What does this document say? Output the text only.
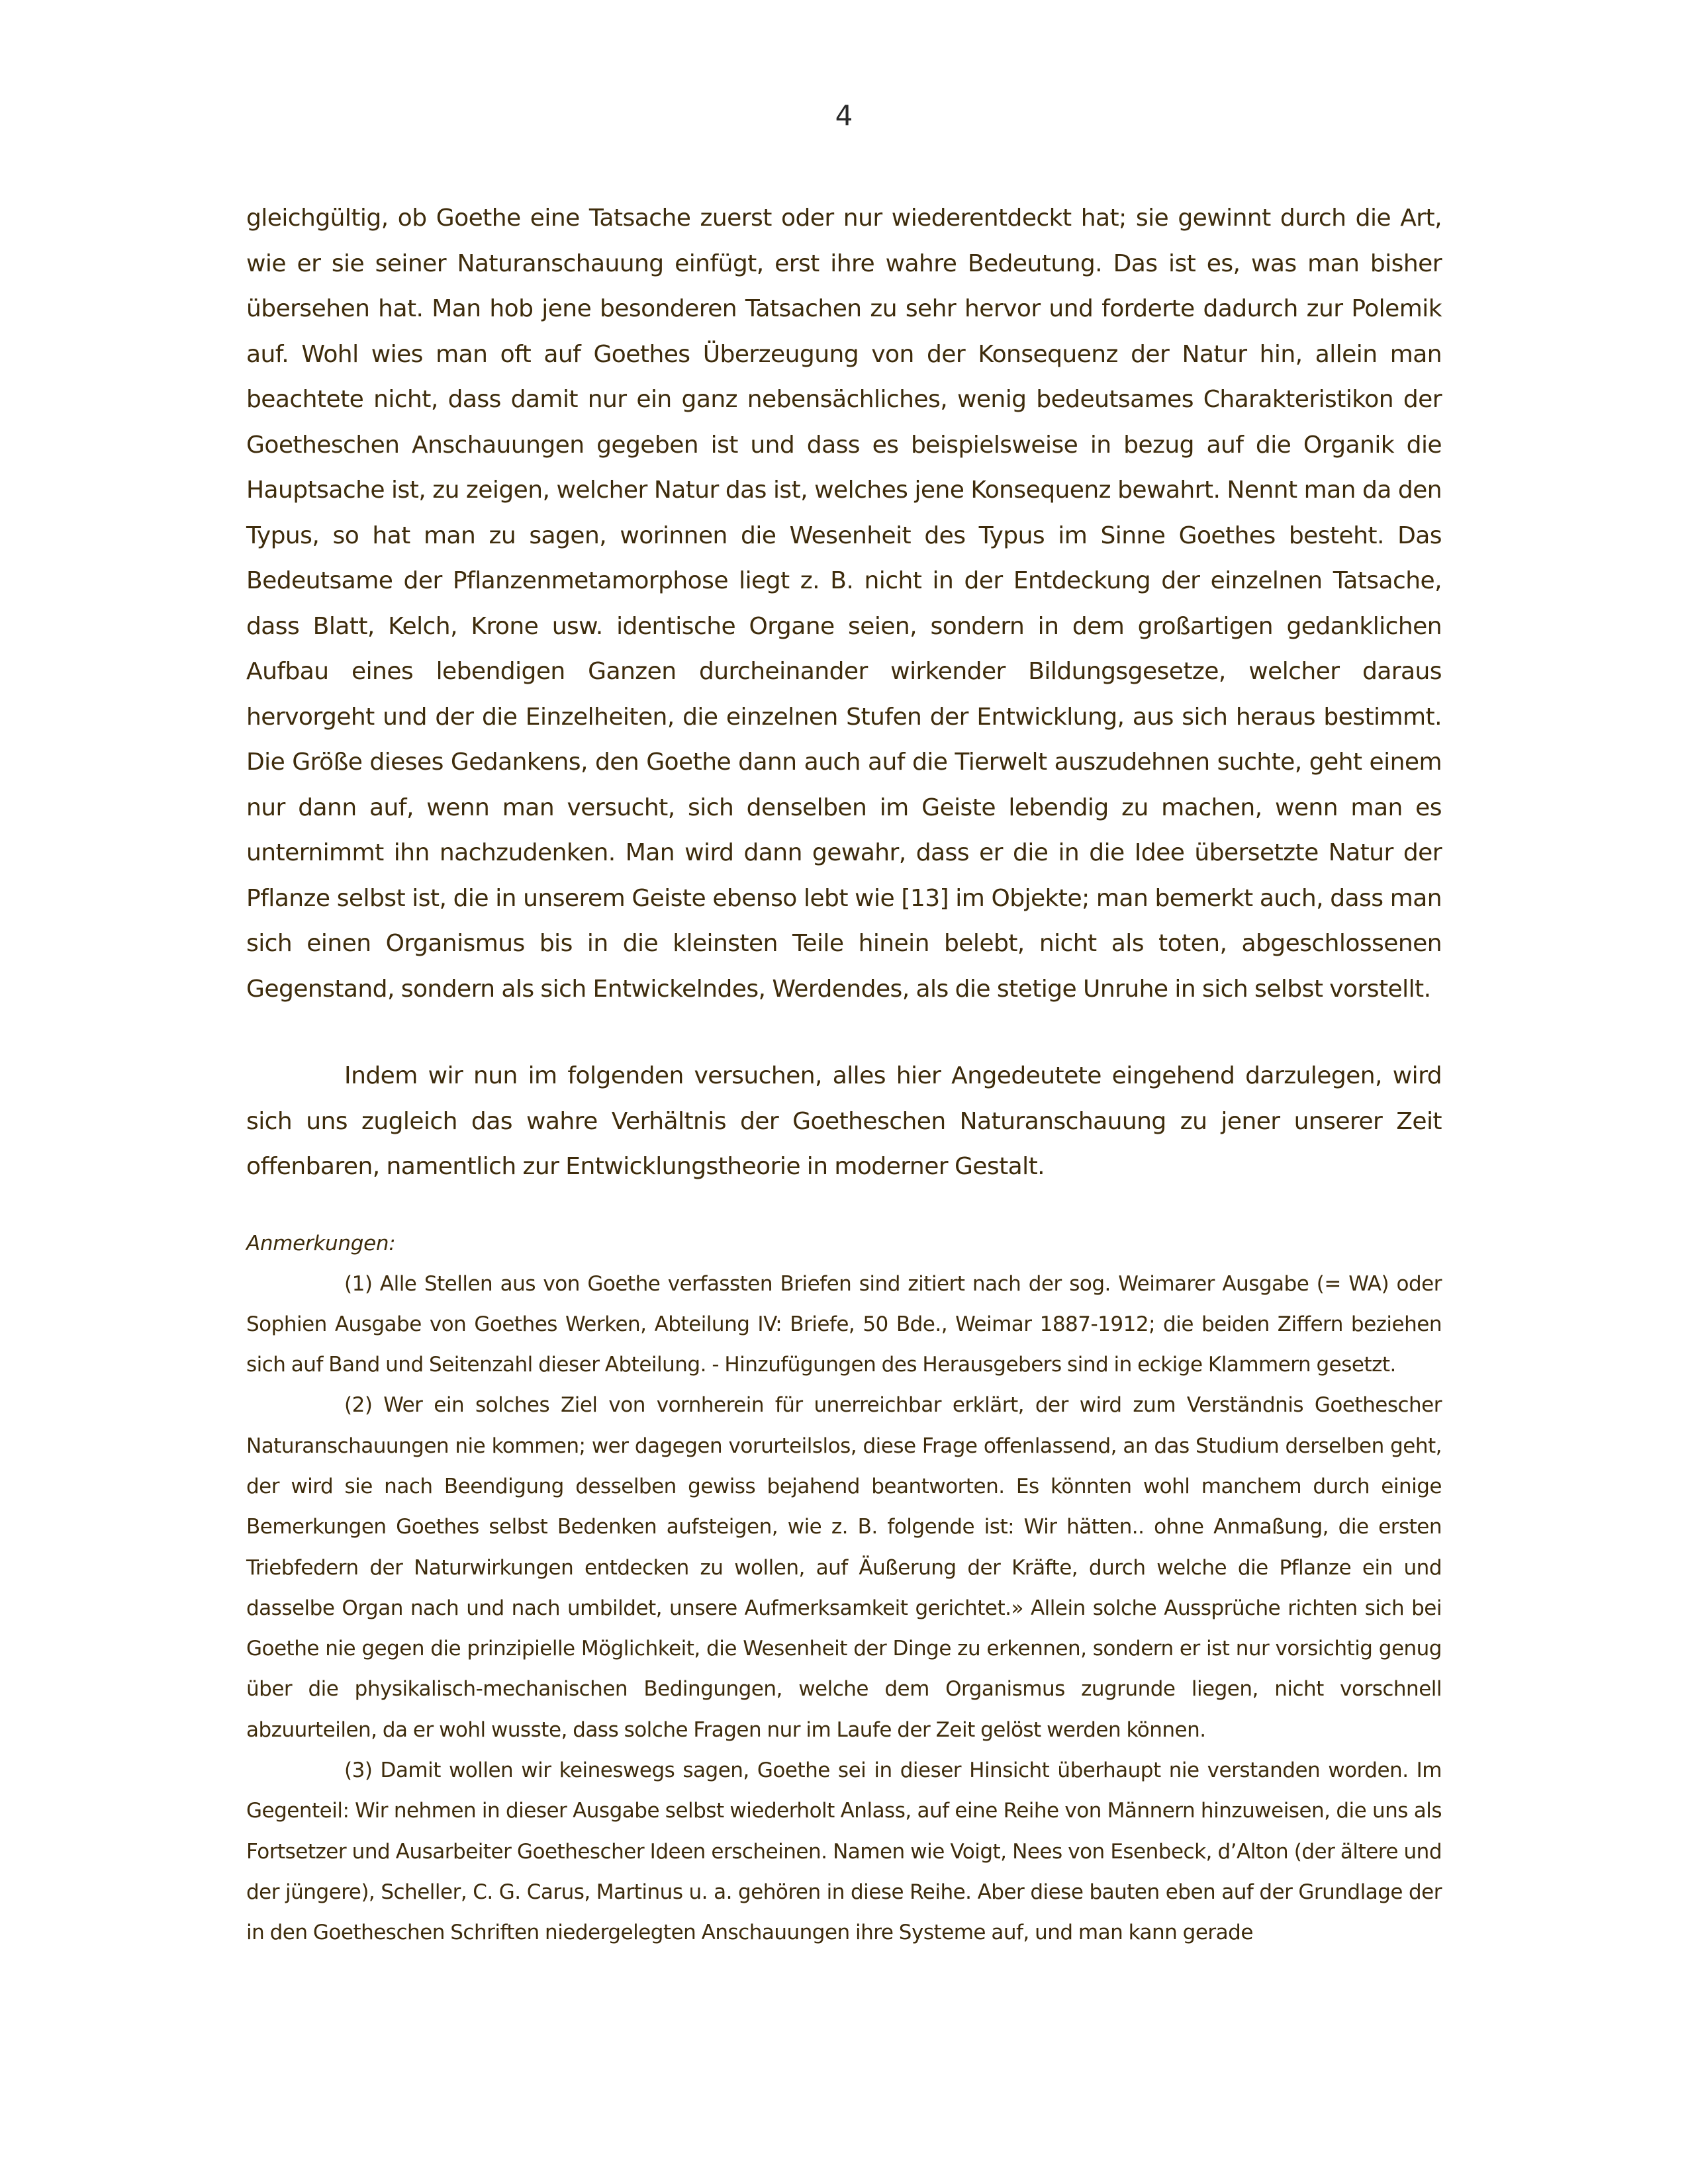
4

gleichgültig, ob Goethe eine Tatsache zuerst oder nur wiederentdeckt hat; sie gewinnt durch die Art, wie er sie seiner Naturanschauung einfügt, erst ihre wahre Bedeutung. Das ist es, was man bisher übersehen hat. Man hob jene besonderen Tatsachen zu sehr hervor und forderte dadurch zur Polemik auf. Wohl wies man oft auf Goethes Überzeugung von der Konsequenz der Natur hin, allein man beachtete nicht, dass damit nur ein ganz nebensächliches, wenig bedeutsames Charakteristikon der Goetheschen Anschauungen gegeben ist und dass es beispielsweise in bezug auf die Organik die Hauptsache ist, zu zeigen, welcher Natur das ist, welches jene Konsequenz bewahrt. Nennt man da den Typus, so hat man zu sagen, worinnen die Wesenheit des Typus im Sinne Goethes besteht. Das Bedeutsame der Pflanzenmetamorphose liegt z. B. nicht in der Entdeckung der einzelnen Tatsache, dass Blatt, Kelch, Krone usw. identische Organe seien, sondern in dem großartigen gedanklichen Aufbau eines lebendigen Ganzen durcheinander wirkender Bildungsgesetze, welcher daraus hervorgeht und der die Einzelheiten, die einzelnen Stufen der Entwicklung, aus sich heraus bestimmt. Die Größe dieses Gedankens, den Goethe dann auch auf die Tierwelt auszudehnen suchte, geht einem nur dann auf, wenn man versucht, sich denselben im Geiste lebendig zu machen, wenn man es unternimmt ihn nachzudenken. Man wird dann gewahr, dass er die in die Idee übersetzte Natur der Pflanze selbst ist, die in unserem Geiste ebenso lebt wie [13] im Objekte; man bemerkt auch, dass man sich einen Organismus bis in die kleinsten Teile hinein belebt, nicht als toten, abgeschlossenen Gegenstand, sondern als sich Entwickelndes, Werdendes, als die stetige Unruhe in sich selbst vorstellt.

Indem wir nun im folgenden versuchen, alles hier Angedeutete eingehend darzulegen, wird sich uns zugleich das wahre Verhältnis der Goetheschen Naturanschauung zu jener unserer Zeit offenbaren, namentlich zur Entwicklungstheorie in moderner Gestalt.

Anmerkungen:

(1) Alle Stellen aus von Goethe verfassten Briefen sind zitiert nach der sog. Weimarer Ausgabe (= WA) oder Sophien Ausgabe von Goethes Werken, Abteilung IV: Briefe, 50 Bde., Weimar 1887-1912; die beiden Ziffern beziehen sich auf Band und Seitenzahl dieser Abteilung. - Hinzufügungen des Herausgebers sind in eckige Klammern gesetzt.

(2) Wer ein solches Ziel von vornherein für unerreichbar erklärt, der wird zum Verständnis Goethescher Naturanschauungen nie kommen; wer dagegen vorurteilslos, diese Frage offenlassend, an das Studium derselben geht, der wird sie nach Beendigung desselben gewiss bejahend beantworten. Es könnten wohl manchem durch einige Bemerkungen Goethes selbst Bedenken aufsteigen, wie z. B. folgende ist: Wir hätten.. ohne Anmaßung, die ersten Triebfedern der Naturwirkungen entdecken zu wollen, auf Äußerung der Kräfte, durch welche die Pflanze ein und dasselbe Organ nach und nach umbildet, unsere Aufmerksamkeit gerichtet.» Allein solche Aussprüche richten sich bei Goethe nie gegen die prinzipielle Möglichkeit, die Wesenheit der Dinge zu erkennen, sondern er ist nur vorsichtig genug über die physikalisch-mechanischen Bedingungen, welche dem Organismus zugrunde liegen, nicht vorschnell abzuurteilen, da er wohl wusste, dass solche Fragen nur im Laufe der Zeit gelöst werden können.

(3) Damit wollen wir keineswegs sagen, Goethe sei in dieser Hinsicht überhaupt nie verstanden worden. Im Gegenteil: Wir nehmen in dieser Ausgabe selbst wiederholt Anlass, auf eine Reihe von Männern hinzuweisen, die uns als Fortsetzer und Ausarbeiter Goethescher Ideen erscheinen. Namen wie Voigt, Nees von Esenbeck, d’Alton (der ältere und der jüngere), Scheller, C. G. Carus, Martinus u. a. gehören in diese Reihe. Aber diese bauten eben auf der Grundlage der in den Goetheschen Schriften niedergelegten Anschauungen ihre Systeme auf, und man kann gerade
